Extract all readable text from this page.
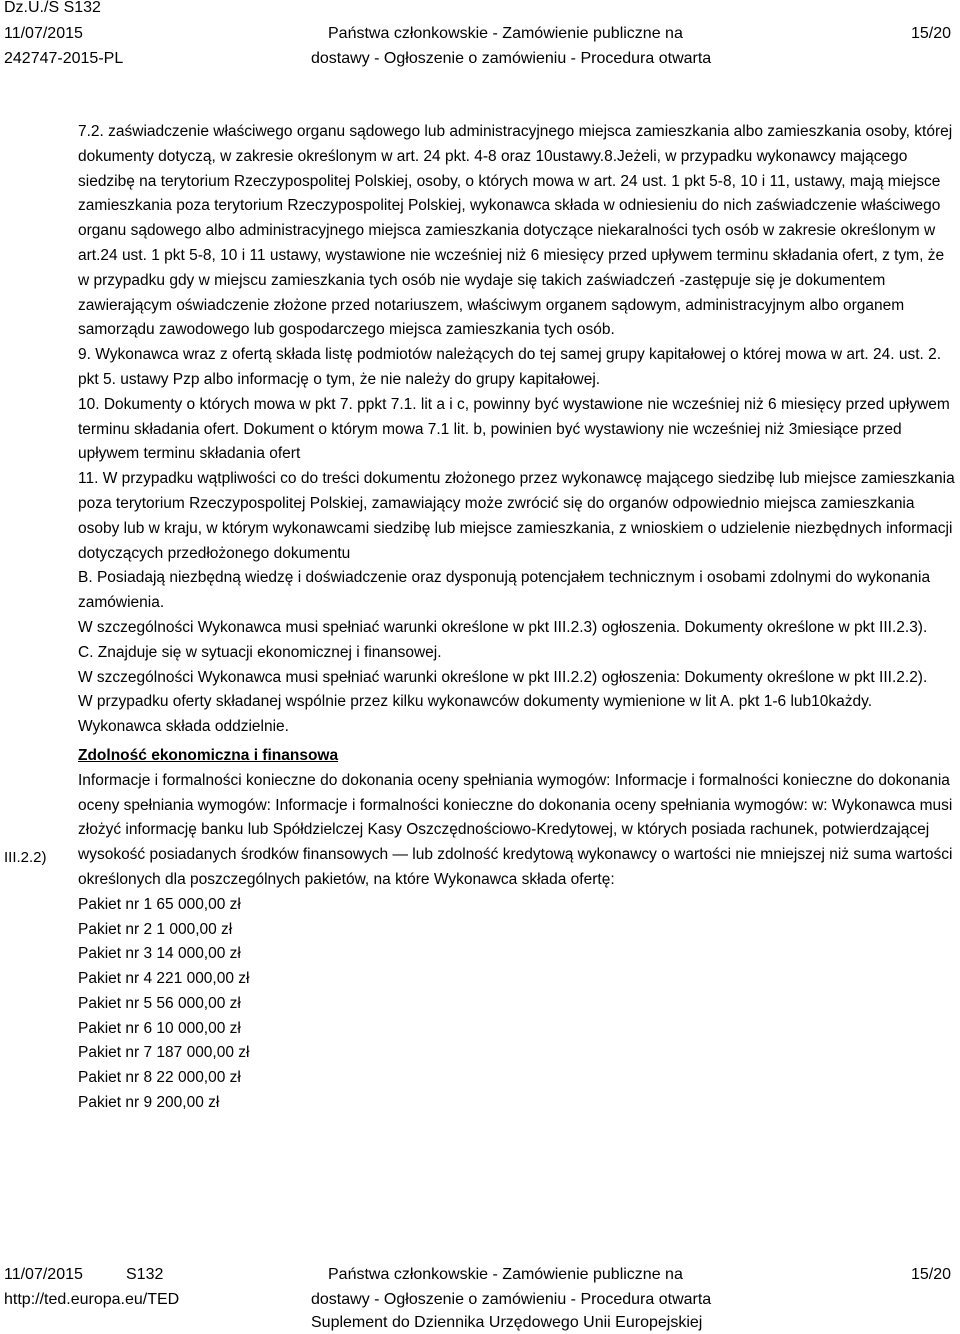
Dz.U./S S132
11/07/2015
242747-2015-PL
Państwa członkowskie - Zamówienie publiczne na
dostawy - Ogłoszenie o zamówieniu - Procedura otwarta
15/20
III.2.2)

7.2. zaświadczenie właściwego organu sądowego lub administracyjnego miejsca zamieszkania albo zamieszkania osoby, której dokumenty dotyczą, w zakresie określonym w art. 24 pkt. 4-8 oraz 10ustawy.8.Jeżeli, w przypadku wykonawcy mającego siedzibę na terytorium Rzeczypospolitej Polskiej, osoby, o których mowa w art. 24 ust. 1 pkt 5-8, 10 i 11, ustawy, mają miejsce zamieszkania poza terytorium Rzeczypospolitej Polskiej, wykonawca składa w odniesieniu do nich zaświadczenie właściwego organu sądowego albo administracyjnego miejsca zamieszkania dotyczące niekaralności tych osób w zakresie określonym w art.24 ust. 1 pkt 5-8, 10 i 11 ustawy, wystawione nie wcześniej niż 6 miesięcy przed upływem terminu składania ofert, z tym, że w przypadku gdy w miejscu zamieszkania tych osób nie wydaje się takich zaświadczeń -zastępuje się je dokumentem zawierającym oświadczenie złożone przed notariuszem, właściwym organem sądowym, administracyjnym albo organem samorządu zawodowego lub gospodarczego miejsca zamieszkania tych osób.

9. Wykonawca wraz z ofertą składa listę podmiotów należących do tej samej grupy kapitałowej o której mowa w art. 24. ust. 2. pkt 5. ustawy Pzp albo informację o tym, że nie należy do grupy kapitałowej.

10. Dokumenty o których mowa w pkt 7. ppkt 7.1. lit a i c, powinny być wystawione nie wcześniej niż 6 miesięcy przed upływem terminu składania ofert. Dokument o którym mowa 7.1 lit. b, powinien być wystawiony nie wcześniej niż 3miesiące przed upływem terminu składania ofert

11. W przypadku wątpliwości co do treści dokumentu złożonego przez wykonawcę mającego siedzibę lub miejsce zamieszkania poza terytorium Rzeczypospolitej Polskiej, zamawiający może zwrócić się do organów odpowiednio miejsca zamieszkania osoby lub w kraju, w którym wykonawcami siedzibę lub miejsce zamieszkania, z wnioskiem o udzielenie niezbędnych informacji dotyczących przedłożonego dokumentu

B. Posiadają niezbędną wiedzę i doświadczenie oraz dysponują potencjałem technicznym i osobami zdolnymi do wykonania zamówienia.

W szczególności Wykonawca musi spełniać warunki określone w pkt III.2.3) ogłoszenia. Dokumenty określone w pkt III.2.3).

C. Znajduje się w sytuacji ekonomicznej i finansowej.

W szczególności Wykonawca musi spełniać warunki określone w pkt III.2.2) ogłoszenia: Dokumenty określone w pkt III.2.2).

W przypadku oferty składanej wspólnie przez kilku wykonawców dokumenty wymienione w lit A. pkt 1-6 lub10każdy. Wykonawca składa oddzielnie.

Zdolność ekonomiczna i finansowa

Informacje i formalności konieczne do dokonania oceny spełniania wymogów: Informacje i formalności konieczne do dokonania oceny spełniania wymogów: Informacje i formalności konieczne do dokonania oceny spełniania wymogów: w: Wykonawca musi złożyć informację banku lub Spółdzielczej Kasy Oszczędnościowo-Kredytowej, w których posiada rachunek, potwierdzającej wysokość posiadanych środków finansowych — lub zdolność kredytową wykonawcy o wartości nie mniejszej niż suma wartości określonych dla poszczególnych pakietów, na które Wykonawca składa ofertę:

Pakiet nr 1 65 000,00 zł

Pakiet nr 2 1 000,00 zł

Pakiet nr 3 14 000,00 zł

Pakiet nr 4 221 000,00 zł

Pakiet nr 5 56 000,00 zł

Pakiet nr 6 10 000,00 zł

Pakiet nr 7 187 000,00 zł

Pakiet nr 8 22 000,00 zł

Pakiet nr 9 200,00 zł

11/07/2015	S132
http://ted.europa.eu/TED
Państwa członkowskie - Zamówienie publiczne na
dostawy - Ogłoszenie o zamówieniu - Procedura otwarta
Suplement do Dziennika Urzędowego Unii Europejskiej
15/20
